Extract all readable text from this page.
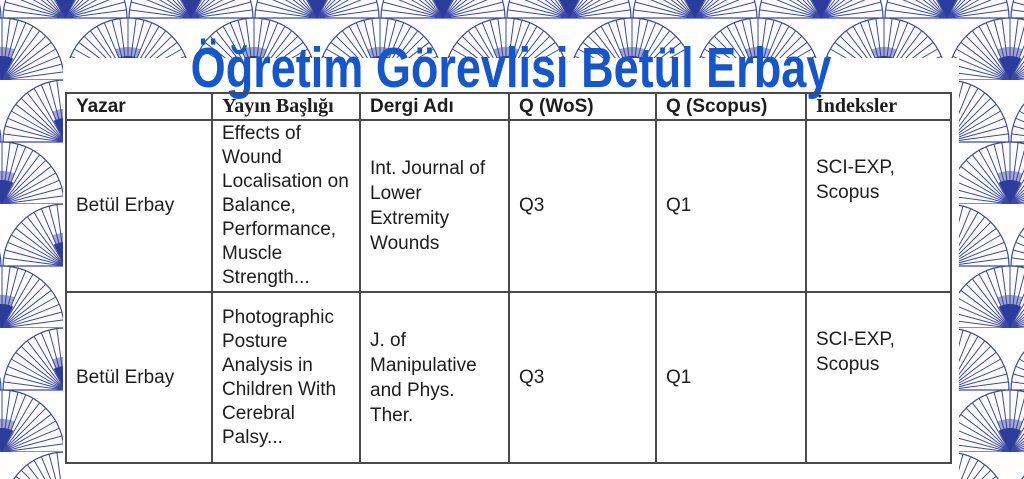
Öğretim Görevlisi Betül Erbay
Yazar	Yayın Başlığı	Dergi Adı	Q (WoS)	Q (Scopus)	İndeksler
Betül Erbay	Effects of Wound Localisation on Balance, Performance, Muscle Strength...	Int. Journal of Lower Extremity Wounds	Q3	Q1	SCI-EXP, Scopus

Betül Erbay	Photographic Posture Analysis in Children With Cerebral Palsy...	J. of Manipulative and Phys. Ther.	Q3	Q1	SCI-EXP, Scopus
